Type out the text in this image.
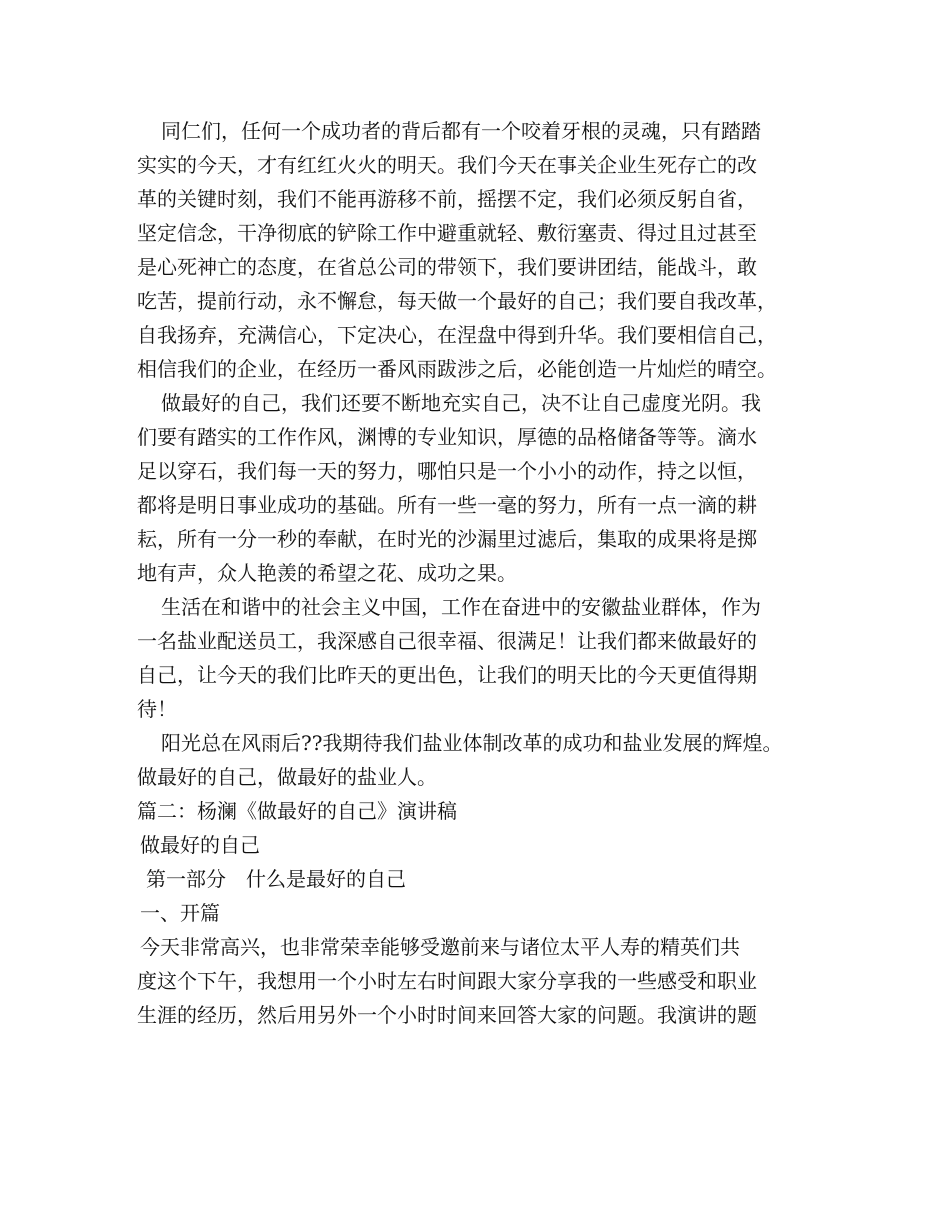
同仁们，任何一个成功者的背后都有一个咬着牙根的灵魂，只有踏踏
实实的今天，才有红红火火的明天。我们今天在事关企业生死存亡的改
革的关键时刻，我们不能再游移不前，摇摆不定，我们必须反躬自省，
坚定信念，干净彻底的铲除工作中避重就轻、敷衍塞责、得过且过甚至
是心死神亡的态度，在省总公司的带领下，我们要讲团结，能战斗，敢
吃苦，提前行动，永不懈怠，每天做一个最好的自己；我们要自我改革，
自我扬弃，充满信心，下定决心，在涅盘中得到升华。我们要相信自己，
相信我们的企业，在经历一番风雨跋涉之后，必能创造一片灿烂的晴空。
做最好的自己，我们还要不断地充实自己，决不让自己虚度光阴。我
们要有踏实的工作作风，渊博的专业知识，厚德的品格储备等等。滴水
足以穿石，我们每一天的努力，哪怕只是一个小小的动作，持之以恒，
都将是明日事业成功的基础。所有一些一毫的努力，所有一点一滴的耕
耘，所有一分一秒的奉献，在时光的沙漏里过滤后，集取的成果将是掷
地有声，众人艳羡的希望之花、成功之果。
生活在和谐中的社会主义中国，工作在奋进中的安徽盐业群体，作为
一名盐业配送员工，我深感自己很幸福、很满足！让我们都来做最好的
自己，让今天的我们比昨天的更出色，让我们的明天比的今天更值得期
待！
阳光总在风雨后??我期待我们盐业体制改革的成功和盐业发展的辉煌。
做最好的自己，做最好的盐业人。
篇二：杨澜《做最好的自己》演讲稿
做最好的自己
第一部分　什么是最好的自己
一、开篇
今天非常高兴，也非常荣幸能够受邀前来与诸位太平人寿的精英们共
度这个下午，我想用一个小时左右时间跟大家分享我的一些感受和职业
生涯的经历，然后用另外一个小时时间来回答大家的问题。我演讲的题
